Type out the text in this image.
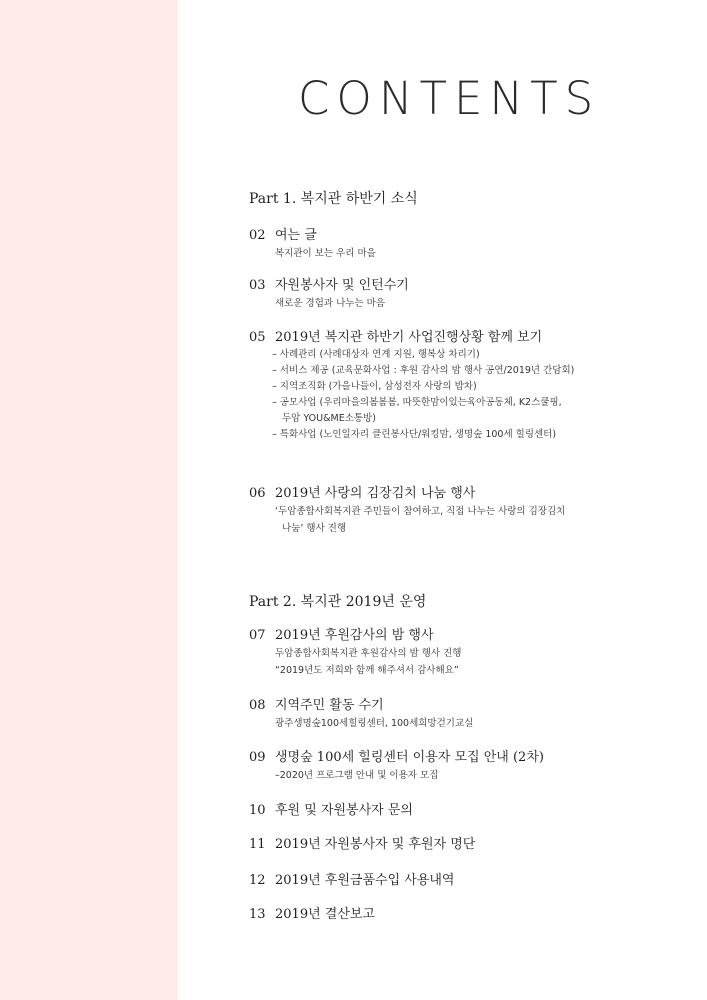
CONTENTS
Part 1. 복지관 하반기 소식
02 여는 글
복지관이 보는 우리 마을
03 자원봉사자 및 인턴수기
새로운 경험과 나누는 마음
05 2019년 복지관 하반기 사업진행상황 함께 보기
– 사례관리 (사례대상자 연계 지원, 행복상 차리기)
– 서비스 제공 (교육문화사업 : 후원 감사의 밤 행사 공연/2019년 간담회)
– 지역조직화 (가을나들이, 삼성전자 사랑의 밥차)
– 공모사업 (우리마을의봄봄봄, 따뜻한맘이있는육아공동체, K2스쿨핑,
두암 YOU&ME소통방)
– 특화사업 (노인일자리 클린봉사단/워킹맘, 생명숲 100세 힐링센터)
06 2019년 사랑의 김장김치 나눔 행사
‘두암종합사회복지관 주민들이 참여하고, 직접 나누는 사랑의 김장김치
나눔’ 행사 진행
Part 2. 복지관 2019년 운영
07 2019년 후원감사의 밤 행사
두암종합사회복지관 후원감사의 밤 행사 진행
“2019년도 저희와 함께 해주셔서 감사해요”
08 지역주민 활동 수기
광주생명숲100세힐링센터, 100세희망걷기교실
09 생명숲 100세 힐링센터 이용자 모집 안내 (2차)
–2020년 프로그램 안내 및 이용자 모집
10 후원 및 자원봉사자 문의
11 2019년 자원봉사자 및 후원자 명단
12 2019년 후원금품수입 사용내역
13 2019년 결산보고
